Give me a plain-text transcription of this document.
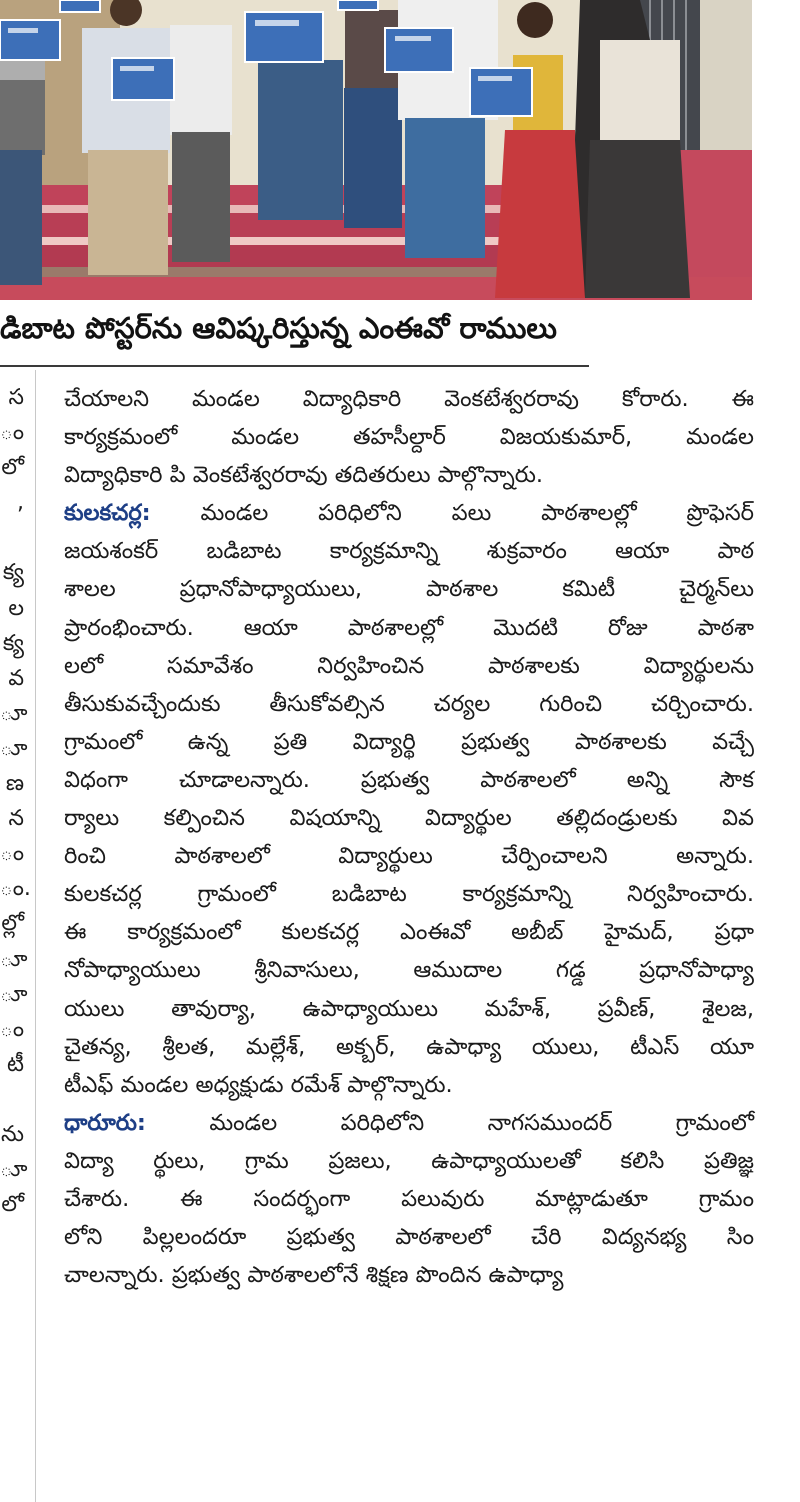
డిబాట పోస్టర్‌ను ఆవిష్కరిస్తున్న ఎంఈవో రాములు
స
ం
లో
,
క్య
ల
క్య
వ
ూ
ూ
ణ
న
ం
ం.
ల్లో
ూ
ూ
ం
టీ
ను
ూ
లో
చేయాలని మండల విద్యాధికారి వెంకటేశ్వరరావు కోరారు. ఈ
కార్యక్రమంలో మండల తహసీల్దార్ విజయకుమార్, మండల
విద్యాధికారి పి వెంకటేశ్వరరావు తదితరులు పాల్గొన్నారు.
కులకచర్ల: మండల పరిధిలోని పలు పాఠశాలల్లో ప్రొఫెసర్
జయశంకర్ బడిబాట కార్యక్రమాన్ని శుక్రవారం ఆయా పాఠ
శాలల ప్రధానోపాధ్యాయులు, పాఠశాల కమిటీ చైర్మన్‌లు
ప్రారంభించారు. ఆయా పాఠశాలల్లో మొదటి రోజు పాఠశా
లలో సమావేశం నిర్వహించిన పాఠశాలకు విద్యార్థులను
తీసుకువచ్చేందుకు తీసుకోవల్సిన చర్యల గురించి చర్చించారు.
గ్రామంలో ఉన్న ప్రతి విద్యార్థి ప్రభుత్వ పాఠశాలకు వచ్చే
విధంగా చూడాలన్నారు. ప్రభుత్వ పాఠశాలలో అన్ని సౌక
ర్యాలు కల్పించిన విషయాన్ని విద్యార్థుల తల్లిదండ్రులకు వివ
రించి పాఠశాలలో విద్యార్థులు చేర్పించాలని అన్నారు.
కులకచర్ల గ్రామంలో బడిబాట కార్యక్రమాన్ని నిర్వహించారు.
ఈ కార్యక్రమంలో కులకచర్ల ఎంఈవో అబీబ్ హైమద్, ప్రధా
నోపాధ్యాయులు శ్రీనివాసులు, ఆముదాల గడ్డ ప్రధానోపాధ్యా
యులు తావుర్యా, ఉపాధ్యాయులు మహేశ్, ప్రవీణ్, శైలజ,
చైతన్య, శ్రీలత, మల్లేశ్, అక్బర్, ఉపాధ్యా యులు, టీఎస్ యూ
టీఎఫ్ మండల అధ్యక్షుడు రమేశ్ పాల్గొన్నారు.
ధారూరు: మండల పరిధిలోని నాగసముందర్ గ్రామంలో
విద్యా ర్థులు, గ్రామ ప్రజలు, ఉపాధ్యాయులతో కలిసి ప్రతిజ్ఞ
చేశారు. ఈ సందర్భంగా పలువురు మాట్లాడుతూ గ్రామం
లోని పిల్లలందరూ ప్రభుత్వ పాఠశాలలో చేరి విద్యనభ్య సిం
చాలన్నారు. ప్రభుత్వ పాఠశాలలోనే శిక్షణ పొందిన ఉపాధ్యా
